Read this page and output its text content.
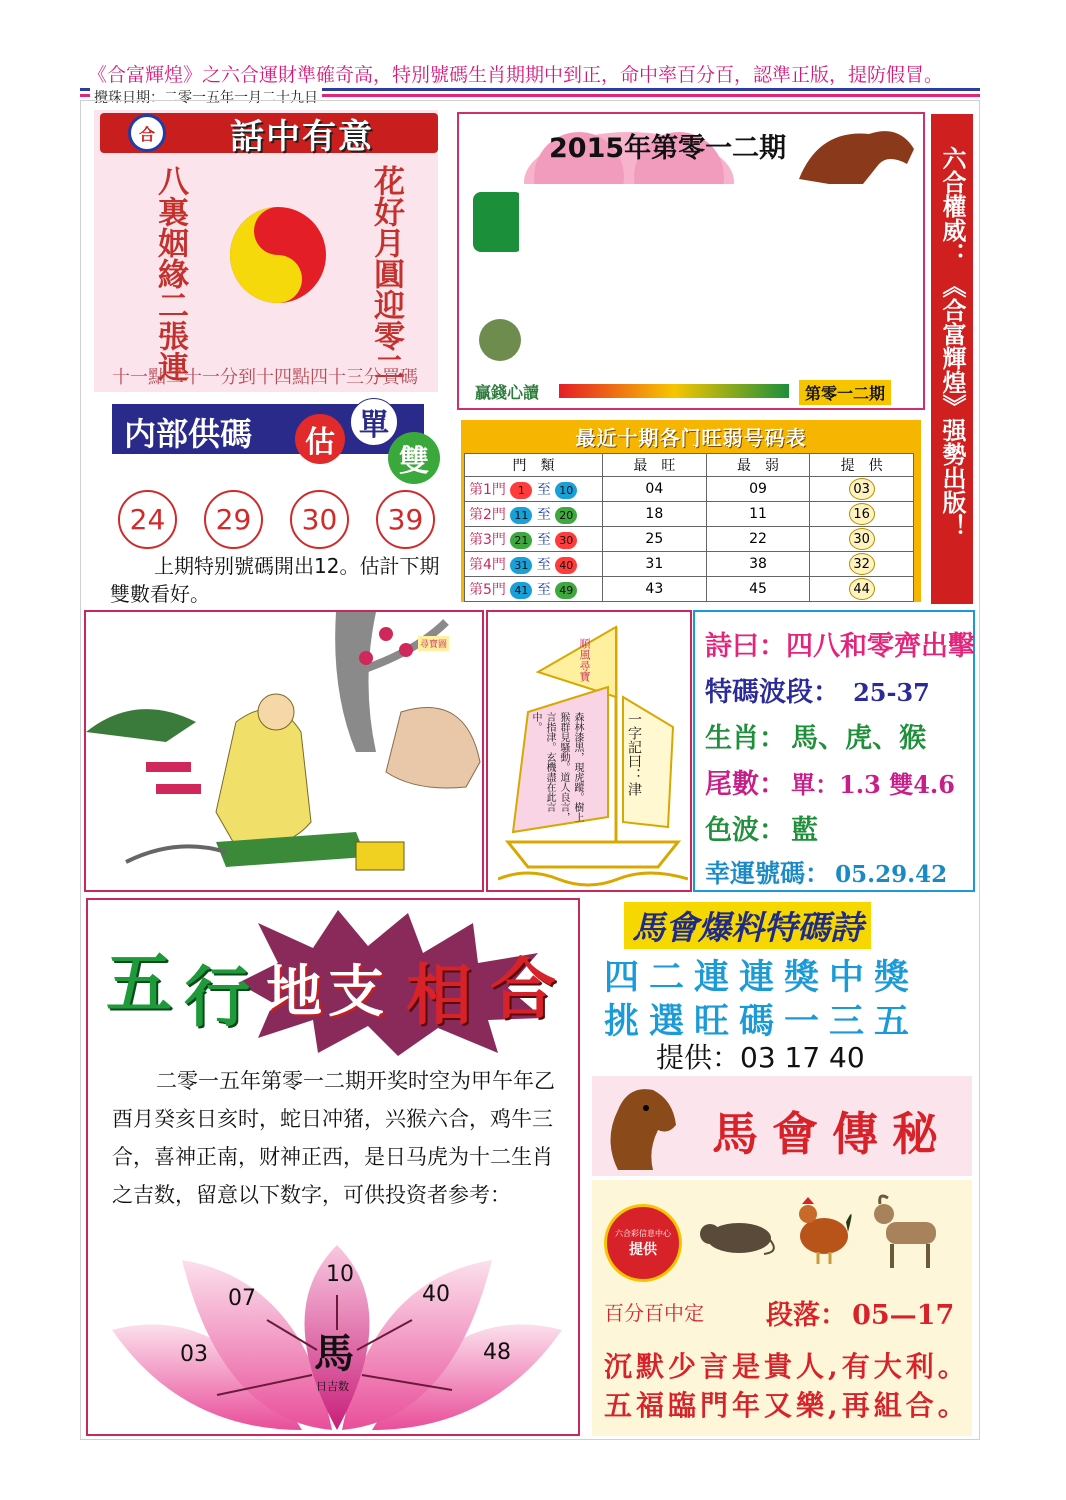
《合富輝煌》之六合運財準確奇高，特別號碼生肖期期中到正，命中率百分百，認準正版，提防假冒。
攪珠日期：二零一五年一月二十九日
合	話中有意
八裏姻緣二張連	花好月圓迎零二
十一點二十一分到十四點四十三分買碼
2015年第零一二期
贏錢心讀	第零一二期
六合權威：
《合富輝煌》强勢出版！
内部供碼	估 單
雙
24	29	30	39
上期特别號碼開出12。估計下期雙數看好。
最近十期各门旺弱号码表
門　類	最　旺	最　弱	提　供
第1門 1 至 10	04	09	03
第2門 11 至 20	18	11	16
第3門 21 至 30	25	22	30
第4門 31 至 40	31	38	32
第5門 41 至 49	43	45	44
順風尋寶
森林漆黑，現虎蹤。樹上猴群見騷動。道人良言，言指津。玄機盡在此言中。	一字記曰：津
尋寶圖	詩曰：四八和零齊出擊
特碼波段： 25-37
生肖： 馬、虎、猴
尾數： 單：1.3 雙4.6
色波： 藍
幸運號碼： 05.29.42
五 行 地 支 相 合
二零一五年第零一二期开奖时空为甲午年乙酉月癸亥日亥时，蛇日冲猪，兴猴六合，鸡牛三合，喜神正南，财神正西，是日马虎为十二生肖之吉数，留意以下数字，可供投资者参考：
10
07	40
03	48
馬
日吉数
馬會爆料特碼詩
四二連連獎中獎
挑選旺碼一三五
提供：03 17 40
馬會傳秘
六合彩信息中心
提供
百分百中定 段落： 05—17
沉默少言是貴人,有大利。
五福臨門年又樂,再組合。
